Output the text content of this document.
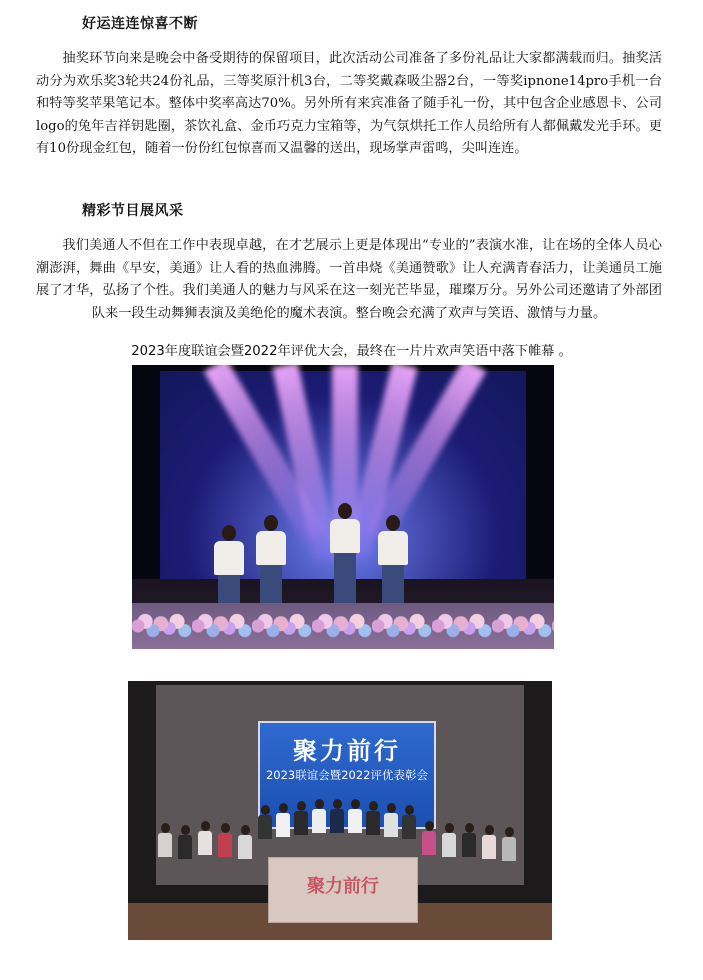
好运连连惊喜不断

抽奖环节向来是晚会中备受期待的保留项目，此次活动公司准备了多份礼品让大家都满载而归。抽奖活动分为欢乐奖3轮共24份礼品，三等奖原汁机3台，二等奖戴森吸尘器2台，一等奖ipnone14pro手机一台和特等奖苹果笔记本。整体中奖率高达70%。另外所有来宾准备了随手礼一份，其中包含企业感恩卡、公司logo的兔年吉祥钥匙圈，茶饮礼盒、金币巧克力宝箱等，为气氛烘托工作人员给所有人都佩戴发光手环。更有10份现金红包，随着一份份红包惊喜而又温馨的送出，现场掌声雷鸣，尖叫连连。

精彩节目展风采

我们美通人不但在工作中表现卓越，在才艺展示上更是体现出“专业的”表演水准，让在场的全体人员心潮澎湃，舞曲《早安，美通》让人看的热血沸腾。一首串烧《美通赞歌》让人充满青春活力，让美通员工施展了才华，弘扬了个性。我们美通人的魅力与风采在这一刻光芒毕显，璀璨万分。另外公司还邀请了外部团队来一段生动舞狮表演及美绝伦的魔术表演。整台晚会充满了欢声与笑语、激情与力量。

2023年度联谊会暨2022年评优大会，最终在一片片欢声笑语中落下帷幕 。
聚力前行
2023联谊会暨2022评优表彰会
聚力前行
